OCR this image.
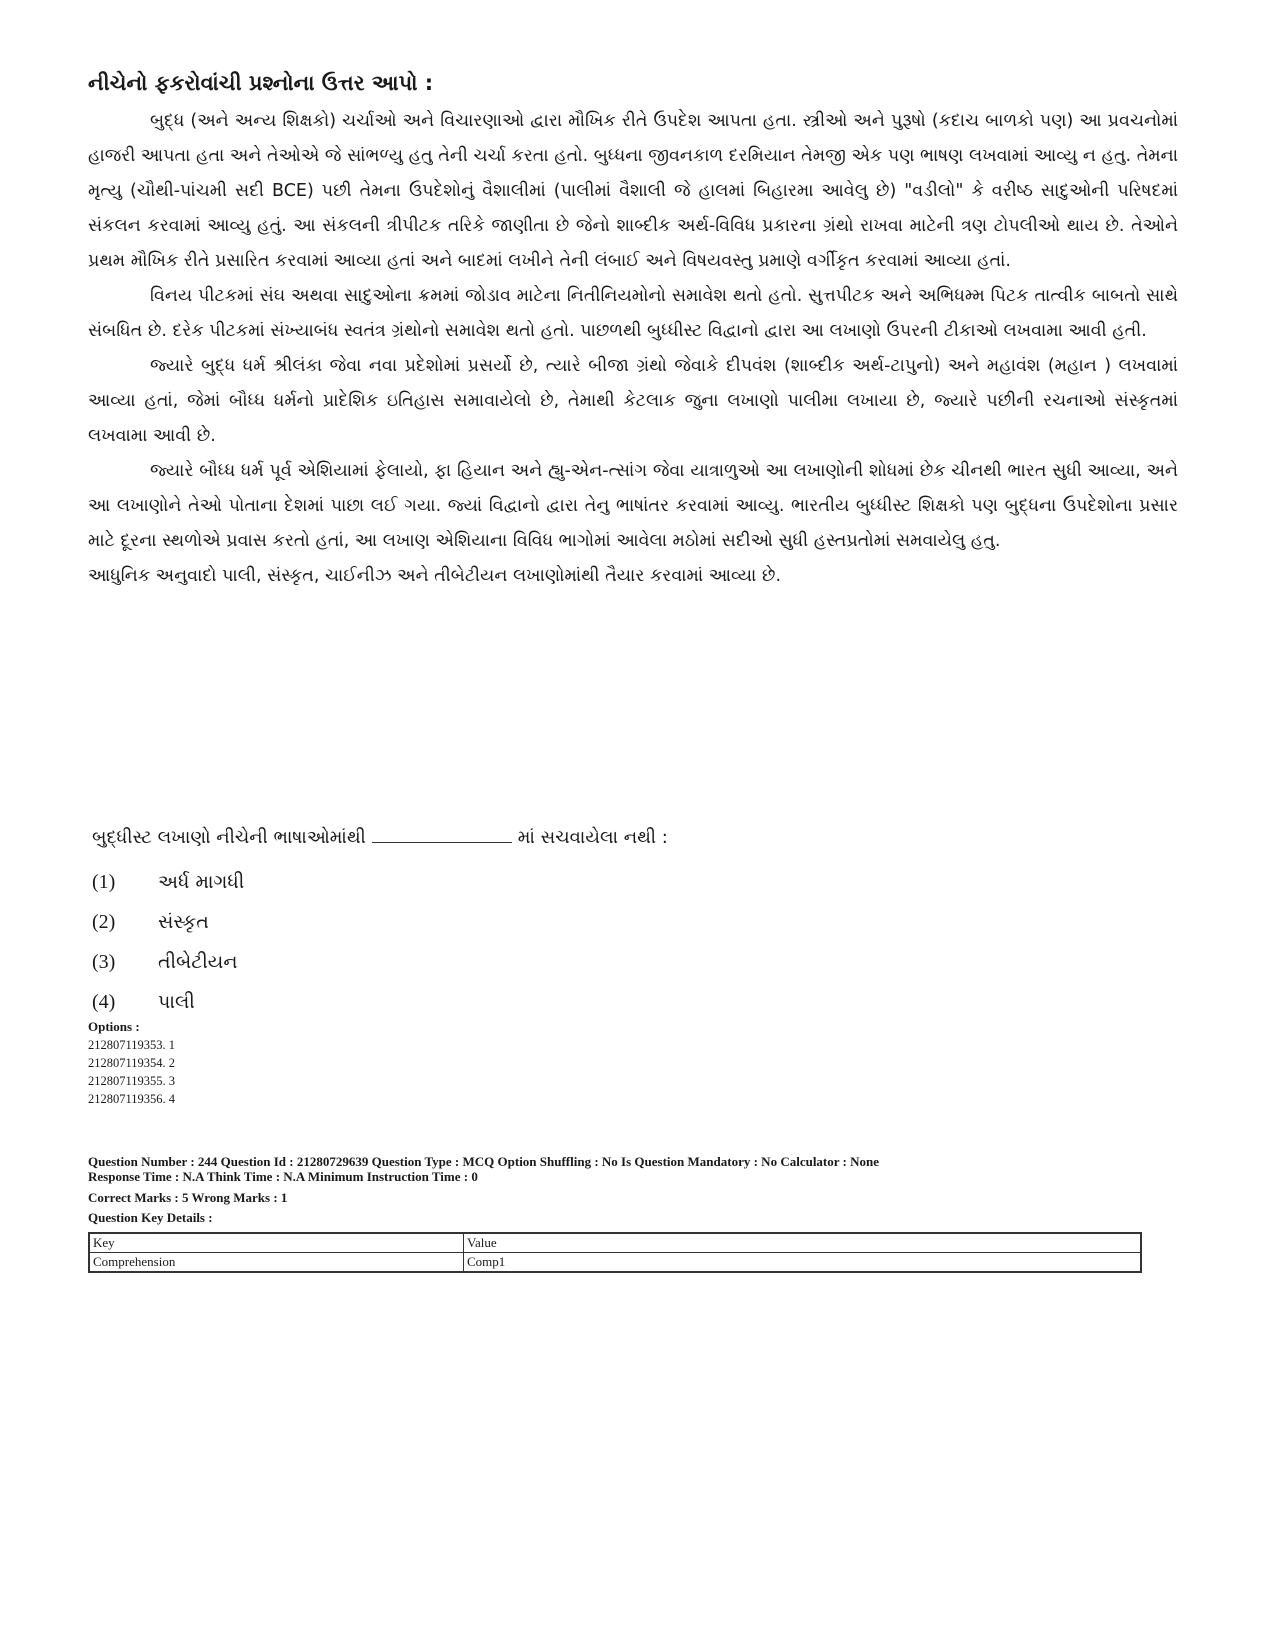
નીચેનો ફકરોવાંચી પ્રશ્નોના ઉત્તર આપો :

બુદ્ધ (અને અન્ય શિક્ષકો) ચર્ચાઓ અને વિચારણાઓ દ્વારા મૌખિક રીતે ઉપદેશ આપતા હતા. સ્ત્રીઓ અને પુરૂષો (કદાચ બાળકો પણ) આ પ્રવચનોમાં હાજરી આપતા હતા અને તેઓએ જે સાંભળ્યુ હતુ તેની ચર્ચા કરતા હતો. બુધ્ધના જીવનકાળ દરમિયાન તેમજી એક પણ ભાષણ લખવામાં આવ્યુ ન હતુ. તેમના મૃત્યુ (ચૌથી-પાંચમી સદી BCE) પછી તેમના ઉપદેશોનું વૈશાલીમાં (પાલીમાં વૈશાલી જે હાલમાં બિહારમા આવેલુ છે) "વડીલો" કે વરીષ્ઠ સાદુઓની પરિષદમાં સંકલન કરવામાં આવ્યુ હતું. આ સંકલની ત્રીપીટક તરિકે જાણીતા છે જેનો શાબ્દીક અર્થ-વિવિધ પ્રકારના ગ્રંથો રાખવા માટેની ત્રણ ટોપલીઓ થાય છે. તેઓને પ્રથમ મૌખિક રીતે પ્રસારિત કરવામાં આવ્યા હતાં અને બાદમાં લખીને તેની લંબાઈ અને વિષયવસ્તુ પ્રમાણે વર્ગીકૃત કરવામાં આવ્યા હતાં.

વિનય પીટકમાં સંઘ અથવા સાદુઓના ક્રમમાં જોડાવ માટેના નિતીનિયમોનો સમાવેશ થતો હતો. સુત્તપીટક અને અભિધમ્મ પિટક તાત્વીક બાબતો સાથે સંબધિત છે. દરેક પીટકમાં સંખ્યાબંધ સ્વતંત્ર ગ્રંથોનો સમાવેશ થતો હતો. પાછળથી બુધ્ધીસ્ટ વિદ્વાનો દ્વારા આ લખાણો ઉપરની ટીકાઓ લખવામા આવી હતી.

જ્યારે બુદ્ધ ધર્મ શ્રીલંકા જેવા નવા પ્રદેશોમાં પ્રસર્યો છે, ત્યારે બીજા ગ્રંથો જેવાકે દીપવંશ (શાબ્દીક અર્થ-ટાપુનો) અને મહાવંશ (મહાન ) લખવામાં આવ્યા હતાં, જેમાં બૌધ્ધ ધર્મનો પ્રાદેશિક ઇતિહાસ સમાવાયેલો છે, તેમાથી કેટલાક જુના લખાણો પાલીમા લખાયા છે, જ્યારે પછીની રચનાઓ સંસ્કૃતમાં લખવામા આવી છે.

જ્યારે બૌધ્ધ ધર્મ પૂર્વ એશિયામાં ફેલાયો, ફા હિયાન અને હ્યુ-એન-ત્સાંગ જેવા યાત્રાળુઓ આ લખાણોની શોધમાં છેક ચીનથી ભારત સુધી આવ્યા, અને આ લખાણોને તેઓ પોતાના દેશમાં પાછા લઈ ગયા. જ્યાં વિદ્વાનો દ્વારા તેનુ ભાષાંતર કરવામાં આવ્યુ. ભારતીય બુધ્ધીસ્ટ શિક્ષકો પણ બુદ્ધના ઉપદેશોના પ્રસાર માટે દૂરના સ્થળોએ પ્રવાસ કરતો હતાં, આ લખાણ એશિયાના વિવિધ ભાગોમાં આવેલા મઠોમાં સદીઓ સુધી હસ્તપ્રતોમાં સમવાયેલુ હતુ.

આધુનિક અનુવાદો પાલી, સંસ્કૃત, ચાઈનીઝ અને તીબેટીયન લખાણોમાંથી તૈયાર કરવામાં આવ્યા છે.

બુદ્ધીસ્ટ લખાણો નીચેની ભાષાઓમાંથી	માં સચવાયેલા નથી :
(1)	અર્ધ માગધી
(2)	સંસ્કૃત
(3)	તીબેટીયન
(4)	પાલી
Options :
212807119353. 1
212807119354. 2
212807119355. 3
212807119356. 4
Question Number : 244 Question Id : 21280729639 Question Type : MCQ Option Shuffling : No Is Question Mandatory : No Calculator : None
Response Time : N.A Think Time : N.A Minimum Instruction Time : 0
Correct Marks : 5 Wrong Marks : 1
Question Key Details :
Key	Value
Comprehension	Comp1
